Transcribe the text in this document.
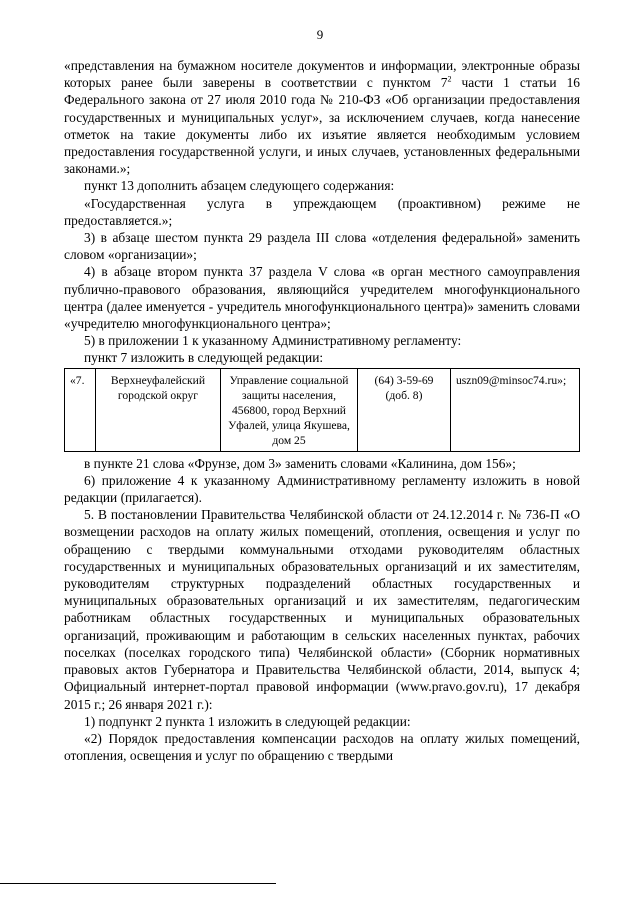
9

«представления на бумажном носителе документов и информации, электронные образы которых ранее были заверены в соответствии с пунктом $7^2$ части 1 статьи 16 Федерального закона от 27 июля 2010 года № 210-ФЗ «Об организации предоставления государственных и муниципальных услуг», за исключением случаев, когда нанесение отметок на такие документы либо их изъятие является необходимым условием предоставления государственной услуги, и иных случаев, установленных федеральными законами.»;

пункт 13 дополнить абзацем следующего содержания:

«Государственная услуга в упреждающем (проактивном) режиме не предоставляется.»;

3) в абзаце шестом пункта 29 раздела III слова «отделения федеральной» заменить словом «организации»;

4) в абзаце втором пункта 37 раздела V слова «в орган местного самоуправления публично-правового образования, являющийся учредителем многофункционального центра (далее именуется - учредитель многофункционального центра)» заменить словами «учредителю многофункционального центра»;

5) в приложении 1 к указанному Административному регламенту:

пункт 7 изложить в следующей редакции:

«7.	Верхнеуфалейский городской округ	Управление социальной защиты населения, 456800, город Верхний Уфалей, улица Якушева, дом 25	(64) 3-59-69 (доб. 8)	uszn09@minsoc74.ru»;

в пункте 21 слова «Фрунзе, дом 3» заменить словами «Калинина, дом 156»;

6) приложение 4 к указанному Административному регламенту изложить в новой редакции (прилагается).

5. В постановлении Правительства Челябинской области от 24.12.2014 г. № 736-П «О возмещении расходов на оплату жилых помещений, отопления, освещения и услуг по обращению с твердыми коммунальными отходами руководителям областных государственных и муниципальных образовательных организаций и их заместителям, руководителям структурных подразделений областных государственных и муниципальных образовательных организаций и их заместителям, педагогическим работникам областных государственных и муниципальных образовательных организаций, проживающим и работающим в сельских населенных пунктах, рабочих поселках (поселках городского типа) Челябинской области» (Сборник нормативных правовых актов Губернатора и Правительства Челябинской области, 2014, выпуск 4; Официальный интернет-портал правовой информации (www.pravo.gov.ru), 17 декабря 2015 г.; 26 января 2021 г.):

1) подпункт 2 пункта 1 изложить в следующей редакции:

«2) Порядок предоставления компенсации расходов на оплату жилых помещений, отопления, освещения и услуг по обращению с твердыми
